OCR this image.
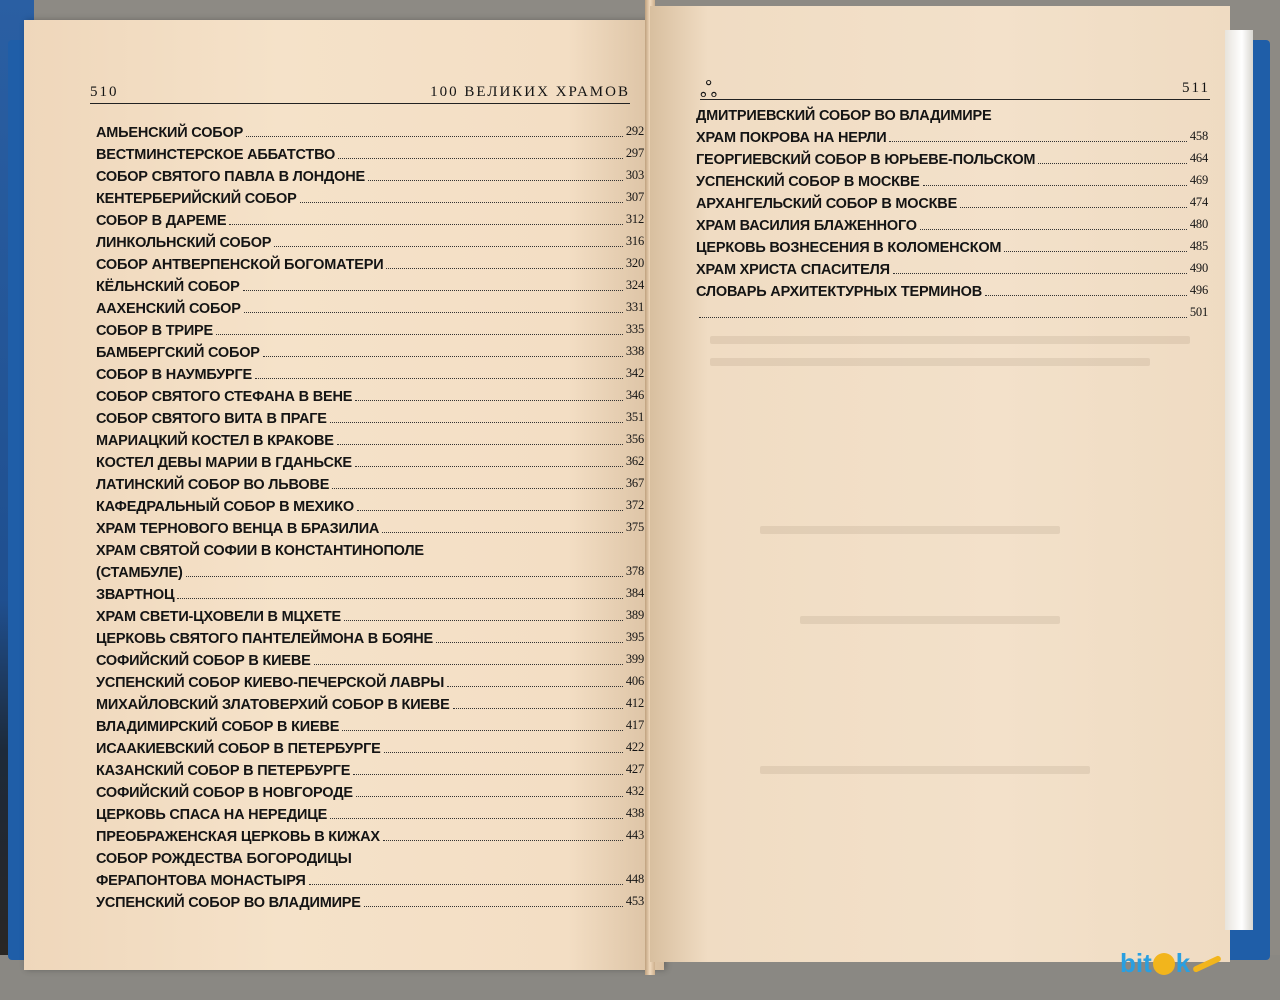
510	100 ВЕЛИКИХ ХРАМОВ
АМЬЕНСКИЙ СОБОР	292
ВЕСТМИНСТЕРСКОЕ АББАТСТВО	297
СОБОР СВЯТОГО ПАВЛА В ЛОНДОНЕ	303
КЕНТЕРБЕРИЙСКИЙ СОБОР	307
СОБОР В ДАРЕМЕ	312
ЛИНКОЛЬНСКИЙ СОБОР	316
СОБОР АНТВЕРПЕНСКОЙ БОГОМАТЕРИ	320
КЁЛЬНСКИЙ СОБОР	324
ААХЕНСКИЙ СОБОР	331
СОБОР В ТРИРЕ	335
БАМБЕРГСКИЙ СОБОР	338
СОБОР В НАУМБУРГЕ	342
СОБОР СВЯТОГО СТЕФАНА В ВЕНЕ	346
СОБОР СВЯТОГО ВИТА В ПРАГЕ	351
МАРИАЦКИЙ КОСТЕЛ В КРАКОВЕ	356
КОСТЕЛ ДЕВЫ МАРИИ В ГДАНЬСКЕ	362
ЛАТИНСКИЙ СОБОР ВО ЛЬВОВЕ	367
КАФЕДРАЛЬНЫЙ СОБОР В МЕХИКО	372
ХРАМ ТЕРНОВОГО ВЕНЦА В БРАЗИЛИА	375
ХРАМ СВЯТОЙ СОФИИ В КОНСТАНТИНОПОЛЕ
(СТАМБУЛЕ)	378
ЗВАРТНОЦ	384
ХРАМ СВЕТИ-ЦХОВЕЛИ В МЦХЕТЕ	389
ЦЕРКОВЬ СВЯТОГО ПАНТЕЛЕЙМОНА В БОЯНЕ	395
СОФИЙСКИЙ СОБОР В КИЕВЕ	399
УСПЕНСКИЙ СОБОР КИЕВО-ПЕЧЕРСКОЙ ЛАВРЫ	406
МИХАЙЛОВСКИЙ ЗЛАТОВЕРХИЙ СОБОР В КИЕВЕ	412
ВЛАДИМИРСКИЙ СОБОР В КИЕВЕ	417
ИСААКИЕВСКИЙ СОБОР В ПЕТЕРБУРГЕ	422
КАЗАНСКИЙ СОБОР В ПЕТЕРБУРГЕ	427
СОФИЙСКИЙ СОБОР В НОВГОРОДЕ	432
ЦЕРКОВЬ СПАСА НА НЕРЕДИЦЕ	438
ПРЕОБРАЖЕНСКАЯ ЦЕРКОВЬ В КИЖАХ	443
СОБОР РОЖДЕСТВА БОГОРОДИЦЫ
ФЕРАПОНТОВА МОНАСТЫРЯ	448
УСПЕНСКИЙ СОБОР ВО ВЛАДИМИРЕ	453
ஃ	511
ДМИТРИЕВСКИЙ СОБОР ВО ВЛАДИМИРЕ
ХРАМ ПОКРОВА НА НЕРЛИ	458
ГЕОРГИЕВСКИЙ СОБОР В ЮРЬЕВЕ-ПОЛЬСКОМ	464
УСПЕНСКИЙ СОБОР В МОСКВЕ	469
АРХАНГЕЛЬСКИЙ СОБОР В МОСКВЕ	474
ХРАМ ВАСИЛИЯ БЛАЖЕННОГО	480
ЦЕРКОВЬ ВОЗНЕСЕНИЯ В КОЛОМЕНСКОМ	485
ХРАМ ХРИСТА СПАСИТЕЛЯ	490
СЛОВАРЬ АРХИТЕКТУРНЫХ ТЕРМИНОВ	496
501
bit k
